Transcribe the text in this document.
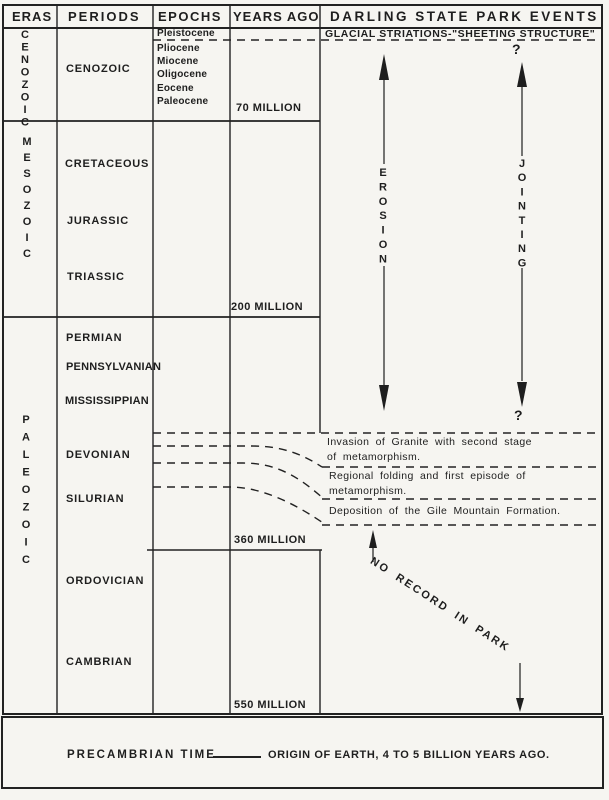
ERAS PERIODS EPOCHS YEARS AGO DARLING STATE PARK EVENTS
CENOZOIC
MESOZOIC
PALEOZOIC
CENOZOIC
CRETACEOUS
JURASSIC
TRIASSIC
PERMIAN
PENNSYLVANIAN
MISSISSIPPIAN
DEVONIAN
SILURIAN
ORDOVICIAN
CAMBRIAN
Pleistocene
Pliocene
Miocene
Oligocene
Eocene
Paleocene
70 MILLION
200 MILLION
360 MILLION
550 MILLION
GLACIAL STRIATIONS-"SHEETING STRUCTURE"
?
?
EROSION	JOINTING
Invasion of Granite with second stage
of metamorphism.
Regional folding and first episode of
metamorphism.
Deposition of the Gile Mountain Formation.
NO RECORD IN PARK
PRECAMBRIAN TIME	ORIGIN OF EARTH, 4 TO 5 BILLION YEARS AGO.
